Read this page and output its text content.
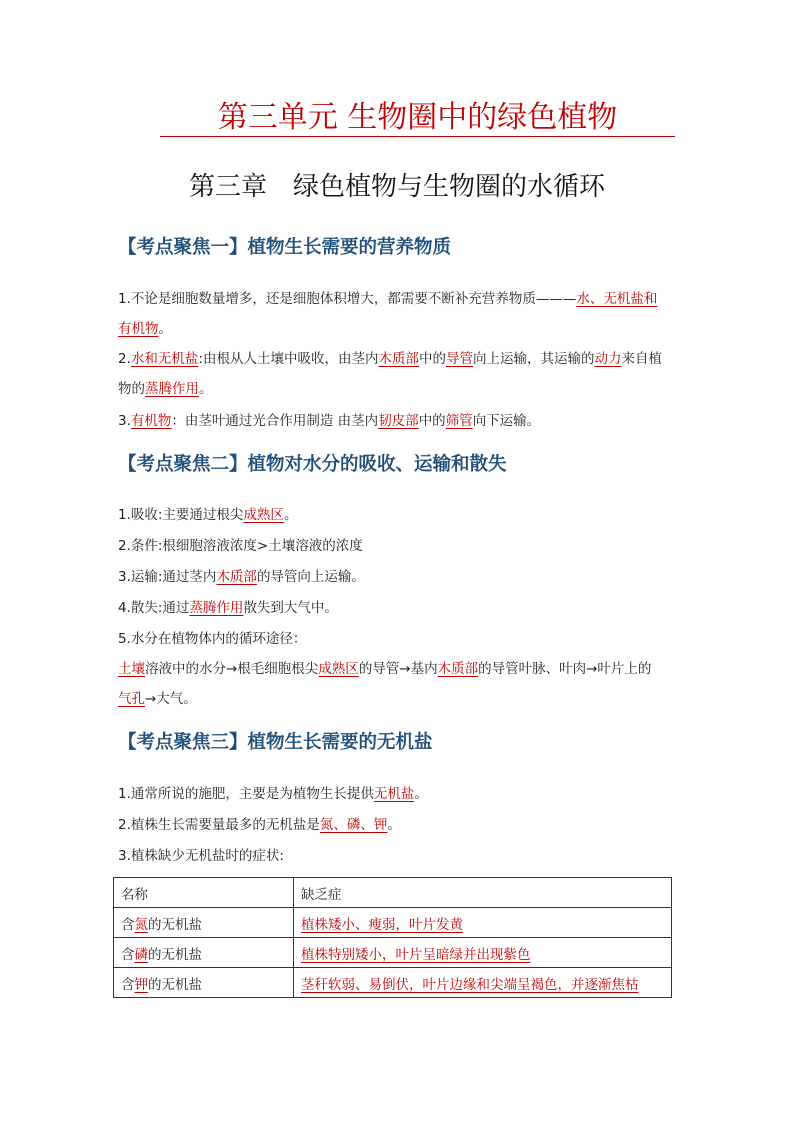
第三单元 生物圈中的绿色植物
第三章　绿色植物与生物圈的水循环
【考点聚焦一】植物生长需要的营养物质
1.不论是细胞数量增多，还是细胞体积增大，都需要不断补充营养物质———水、无机盐和
有机物。
2.水和无机盐:由根从人土壤中吸收，由茎内木质部中的导管向上运输，其运输的动力来自植
物的蒸腾作用。
3.有机物：由茎叶通过光合作用制造 由茎内韧皮部中的筛管向下运输。
【考点聚焦二】植物对水分的吸收、运输和散失
1.吸收:主要通过根尖成熟区。
2.条件:根细胞溶液浓度>土壤溶液的浓度
3.运输:通过茎内木质部的导管向上运输。
4.散失:通过蒸腾作用散失到大气中。
5.水分在植物体内的循环途径：
土壤溶液中的水分→根毛细胞根尖成熟区的导管→基内木质部的导管叶脉、叶肉→叶片上的
气孔→大气。
【考点聚焦三】植物生长需要的无机盐
1.通常所说的施肥，主要是为植物生长提供无机盐。
2.植株生长需要量最多的无机盐是氮、磷、钾。
3.植株缺少无机盐时的症状:
名称	缺乏症
含氮的无机盐	植株矮小、瘦弱，叶片发黄
含磷的无机盐	植株特别矮小，叶片呈暗绿并出现紫色
含钾的无机盐	茎秆软弱、易倒伏，叶片边缘和尖端呈褐色，并逐渐焦枯
